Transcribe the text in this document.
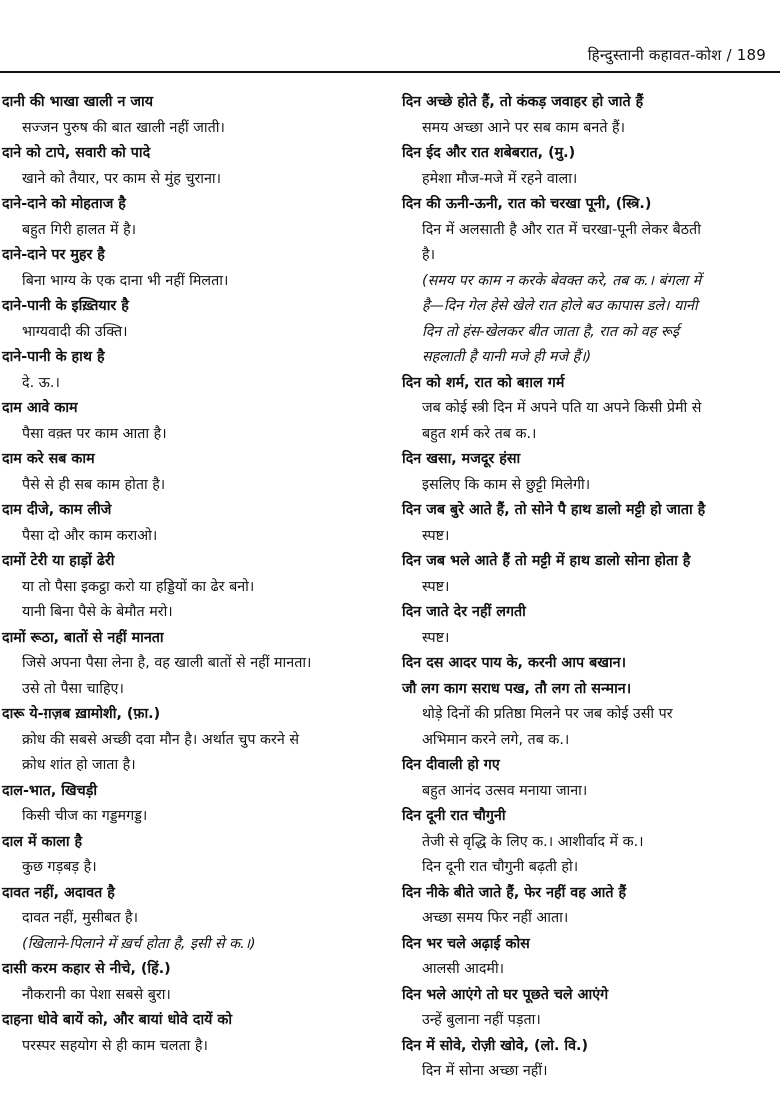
हिन्दुस्तानी कहावत-कोश / 189
दानी की भाखा खाली न जाय
सज्जन पुरुष की बात खाली नहीं जाती।
दाने को टापे, सवारी को पादे
खाने को तैयार, पर काम से मुंह चुराना।
दाने-दाने को मोहताज है
बहुत गिरी हालत में है।
दाने-दाने पर मुहर है
बिना भाग्य के एक दाना भी नहीं मिलता।
दाने-पानी के इख़्तियार है
भाग्यवादी की उक्ति।
दाने-पानी के हाथ है
दे. ऊ.।
दाम आवे काम
पैसा वक़्त पर काम आता है।
दाम करे सब काम
पैसे से ही सब काम होता है।
दाम दीजे, काम लीजे
पैसा दो और काम कराओ।
दामों टेरी या हाड़ों ढेरी
या तो पैसा इकट्ठा करो या हड्डियों का ढेर बनो।
यानी बिना पैसे के बेमौत मरो।
दामों रूठा, बातों से नहीं मानता
जिसे अपना पैसा लेना है, वह खाली बातों से नहीं मानता।
उसे तो पैसा चाहिए।
दारू ये-ग़ज़ब ख़ामोशी, (फ़ा.)
क्रोध की सबसे अच्छी दवा मौन है। अर्थात चुप करने से
क्रोध शांत हो जाता है।
दाल-भात, खिचड़ी
किसी चीज का गड्डमगड्ड।
दाल में काला है
कुछ गड़बड़ है।
दावत नहीं, अदावत है
दावत नहीं, मुसीबत है।
(खिलाने-पिलाने में ख़र्च होता है, इसी से क.।)
दासी करम कहार से नीचे, (हिं.)
नौकरानी का पेशा सबसे बुरा।
दाहना धोवे बायें को, और बायां धोवे दायें को
परस्पर सहयोग से ही काम चलता है।
दिन अच्छे होते हैं, तो कंकड़ जवाहर हो जाते हैं
समय अच्छा आने पर सब काम बनते हैं।
दिन ईद और रात शबेबरात, (मु.)
हमेशा मौज-मजे में रहने वाला।
दिन की ऊनी-ऊनी, रात को चरखा पूनी, (स्त्रि.)
दिन में अलसाती है और रात में चरखा-पूनी लेकर बैठती
है।
(समय पर काम न करके बेवक्त करे, तब क.। बंगला में
है—दिन गेल हेसे खेले रात होले बउ कापास डले। यानी
दिन तो हंस-खेलकर बीत जाता है, रात को वह रूई
सहलाती है यानी मजे ही मजे हैं।)
दिन को शर्म, रात को बग़ल गर्म
जब कोई स्त्री दिन में अपने पति या अपने किसी प्रेमी से
बहुत शर्म करे तब क.।
दिन खसा, मजदूर हंसा
इसलिए कि काम से छुट्टी मिलेगी।
दिन जब बुरे आते हैं, तो सोने पै हाथ डालो मट्टी हो जाता है
स्पष्ट।
दिन जब भले आते हैं तो मट्टी में हाथ डालो सोना होता है
स्पष्ट।
दिन जाते देर नहीं लगती
स्पष्ट।
दिन दस आदर पाय के, करनी आप बखान।
जौ लग काग सराध पख, तौ लग तो सन्मान।
थोड़े दिनों की प्रतिष्ठा मिलने पर जब कोई उसी पर
अभिमान करने लगे, तब क.।
दिन दीवाली हो गए
बहुत आनंद उत्सव मनाया जाना।
दिन दूनी रात चौगुनी
तेजी से वृद्धि के लिए क.। आशीर्वाद में क.।
दिन दूनी रात चौगुनी बढ़ती हो।
दिन नीके बीते जाते हैं, फेर नहीं वह आते हैं
अच्छा समय फिर नहीं आता।
दिन भर चले अढ़ाई कोस
आलसी आदमी।
दिन भले आएंगे तो घर पूछते चले आएंगे
उन्हें बुलाना नहीं पड़ता।
दिन में सोवे, रोज़ी खोवे, (लो. वि.)
दिन में सोना अच्छा नहीं।
